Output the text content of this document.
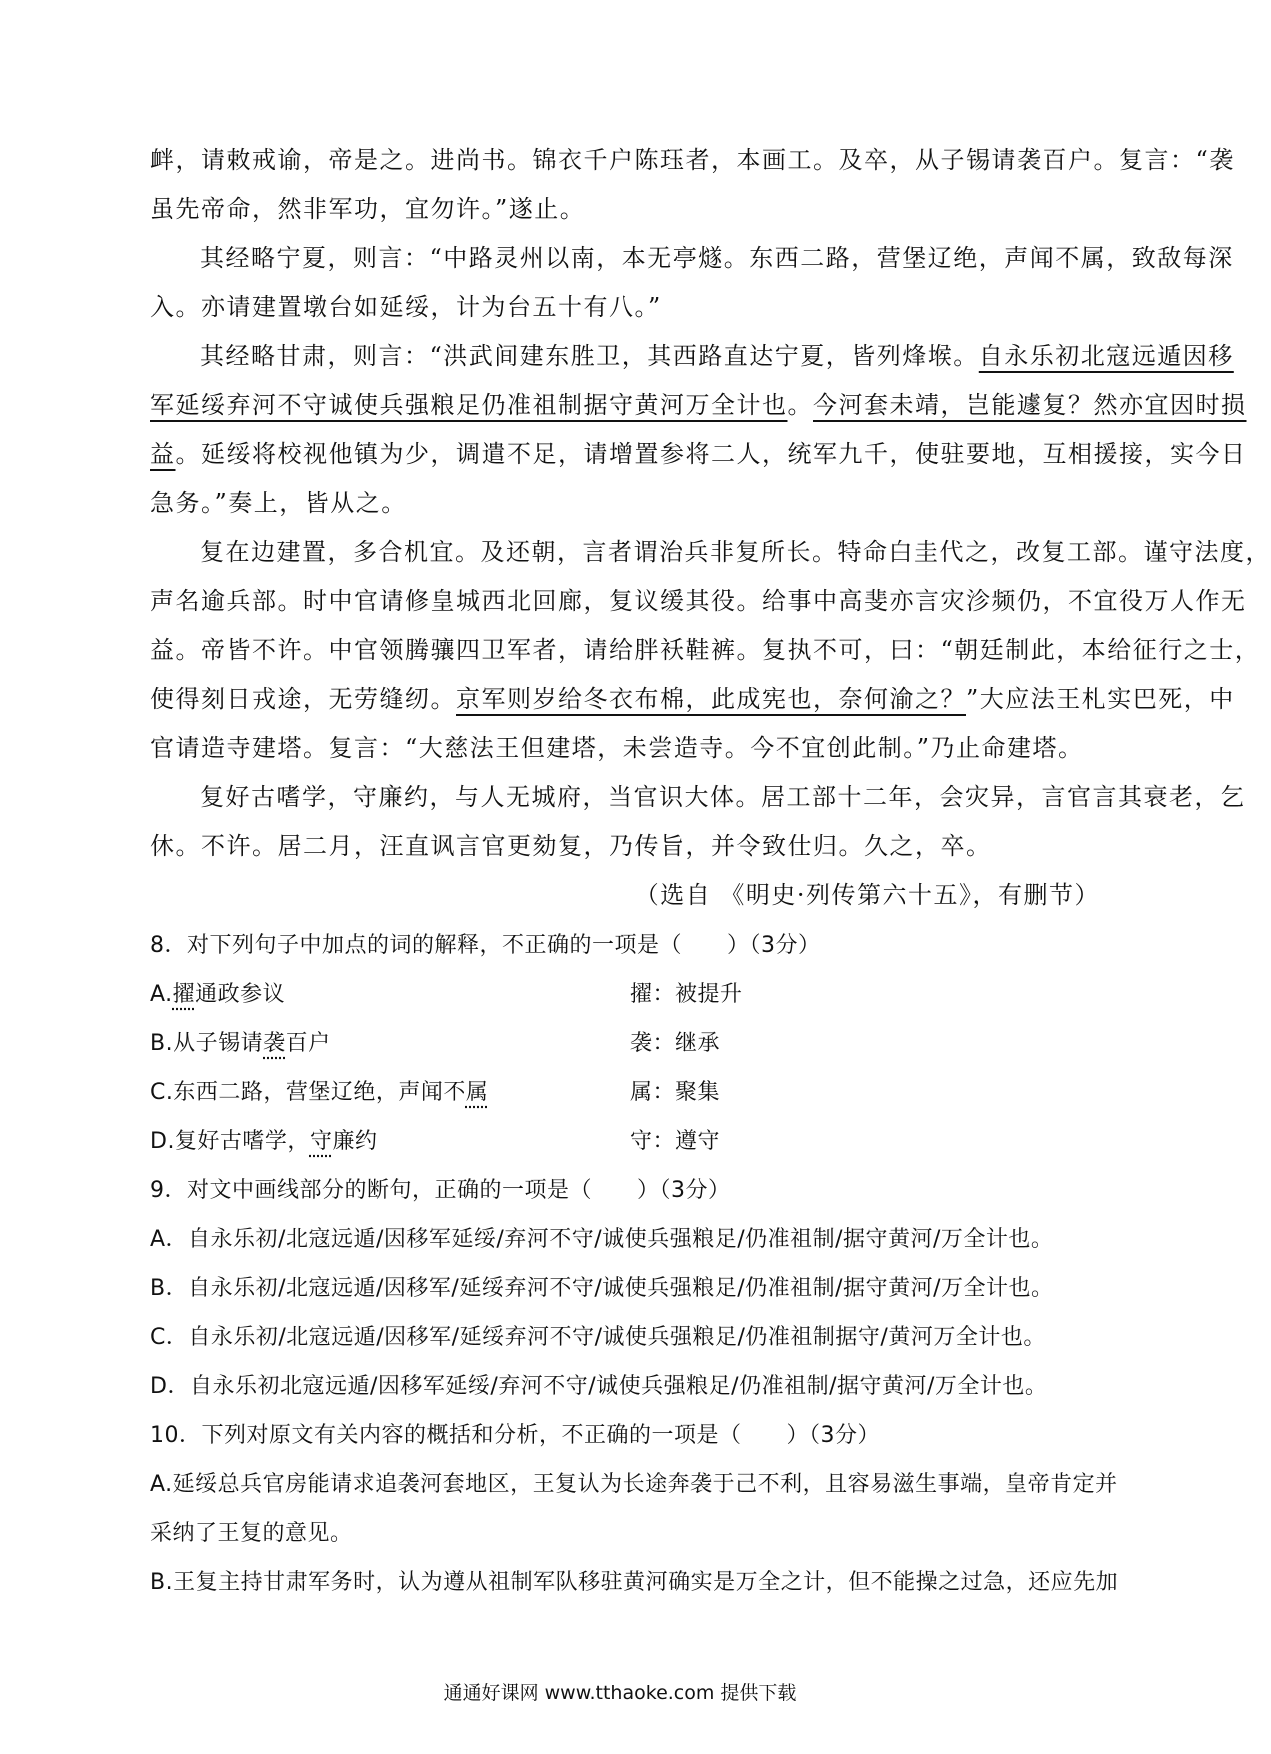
衅，请敕戒谕，帝是之。进尚书。锦衣千户陈珏者，本画工。及卒，从子锡请袭百户。复言：“袭
虽先帝命，然非军功，宜勿许。”遂止。
其经略宁夏，则言：“中路灵州以南，本无亭燧。东西二路，营堡辽绝，声闻不属，致敌每深
入。亦请建置墩台如延绥，计为台五十有八。”
其经略甘肃，则言：“洪武间建东胜卫，其西路直达宁夏，皆列烽堠。自永乐初北寇远遁因移
军延绥弃河不守诚使兵强粮足仍准祖制据守黄河万全计也。今河套未靖，岂能遽复？然亦宜因时损
益。延绥将校视他镇为少，调遣不足，请增置参将二人，统军九千，使驻要地，互相援接，实今日
急务。”奏上，皆从之。
复在边建置，多合机宜。及还朝，言者谓治兵非复所长。特命白圭代之，改复工部。谨守法度，
声名逾兵部。时中官请修皇城西北回廊，复议缓其役。给事中高斐亦言灾沴频仍，不宜役万人作无
益。帝皆不许。中官领腾骧四卫军者，请给胖袄鞋裤。复执不可，曰：“朝廷制此，本给征行之士，
使得刻日戎途，无劳缝纫。京军则岁给冬衣布棉，此成宪也，奈何渝之？”大应法王札实巴死，中
官请造寺建塔。复言：“大慈法王但建塔，未尝造寺。今不宜创此制。”乃止命建塔。
复好古嗜学，守廉约，与人无城府，当官识大体。居工部十二年，会灾异，言官言其衰老，乞
休。不许。居二月，汪直讽言官更劾复，乃传旨，并令致仕归。久之，卒。
（选自 《明史·列传第六十五》，有删节）
8．对下列句子中加点的词的解释，不正确的一项是（　　）（3分）
A.擢通政参议	擢：被提升
B.从子锡请袭百户	袭：继承
C.东西二路，营堡辽绝，声闻不属	属：聚集
D.复好古嗜学，守廉约	守：遵守
9．对文中画线部分的断句，正确的一项是（　　）（3分）
A．自永乐初/北寇远遁/因移军延绥/弃河不守/诚使兵强粮足/仍准祖制/据守黄河/万全计也。
B．自永乐初/北寇远遁/因移军/延绥弃河不守/诚使兵强粮足/仍准祖制/据守黄河/万全计也。
C．自永乐初/北寇远遁/因移军/延绥弃河不守/诚使兵强粮足/仍准祖制据守/黄河万全计也。
D．自永乐初北寇远遁/因移军延绥/弃河不守/诚使兵强粮足/仍准祖制/据守黄河/万全计也。
10．下列对原文有关内容的概括和分析，不正确的一项是（　　）（3分）
A.延绥总兵官房能请求追袭河套地区，王复认为长途奔袭于己不利，且容易滋生事端，皇帝肯定并
采纳了王复的意见。
B.王复主持甘肃军务时，认为遵从祖制军队移驻黄河确实是万全之计，但不能操之过急，还应先加
通通好课网 www.tthaoke.com 提供下载
